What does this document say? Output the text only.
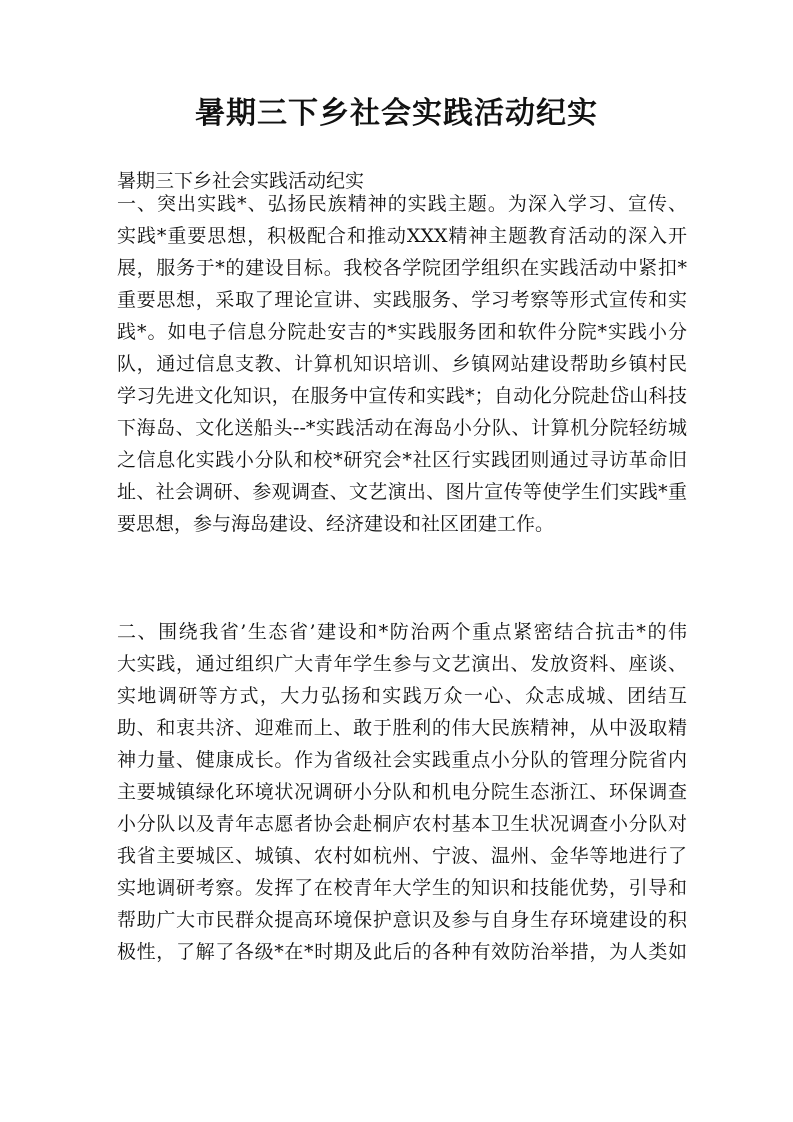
暑期三下乡社会实践活动纪实

暑期三下乡社会实践活动纪实

一、突出实践*、弘扬民族精神的实践主题。为深入学习、宣传、
实践*重要思想，积极配合和推动XXX精神主题教育活动的深入开
展，服务于*的建设目标。我校各学院团学组织在实践活动中紧扣*
重要思想，采取了理论宣讲、实践服务、学习考察等形式宣传和实
践*。如电子信息分院赴安吉的*实践服务团和软件分院*实践小分
队，通过信息支教、计算机知识培训、乡镇网站建设帮助乡镇村民
学习先进文化知识，在服务中宣传和实践*；自动化分院赴岱山科技
下海岛、文化送船头--*实践活动在海岛小分队、计算机分院轻纺城
之信息化实践小分队和校*研究会*社区行实践团则通过寻访革命旧
址、社会调研、参观调查、文艺演出、图片宣传等使学生们实践*重
要思想，参与海岛建设、经济建设和社区团建工作。
二、围绕我省’生态省’建设和*防治两个重点紧密结合抗击*的伟
大实践，通过组织广大青年学生参与文艺演出、发放资料、座谈、
实地调研等方式，大力弘扬和实践万众一心、众志成城、团结互
助、和衷共济、迎难而上、敢于胜利的伟大民族精神，从中汲取精
神力量、健康成长。作为省级社会实践重点小分队的管理分院省内
主要城镇绿化环境状况调研小分队和机电分院生态浙江、环保调查
小分队以及青年志愿者协会赴桐庐农村基本卫生状况调查小分队对
我省主要城区、城镇、农村如杭州、宁波、温州、金华等地进行了
实地调研考察。发挥了在校青年大学生的知识和技能优势，引导和
帮助广大市民群众提高环境保护意识及参与自身生存环境建设的积
极性，了解了各级*在*时期及此后的各种有效防治举措，为人类如
